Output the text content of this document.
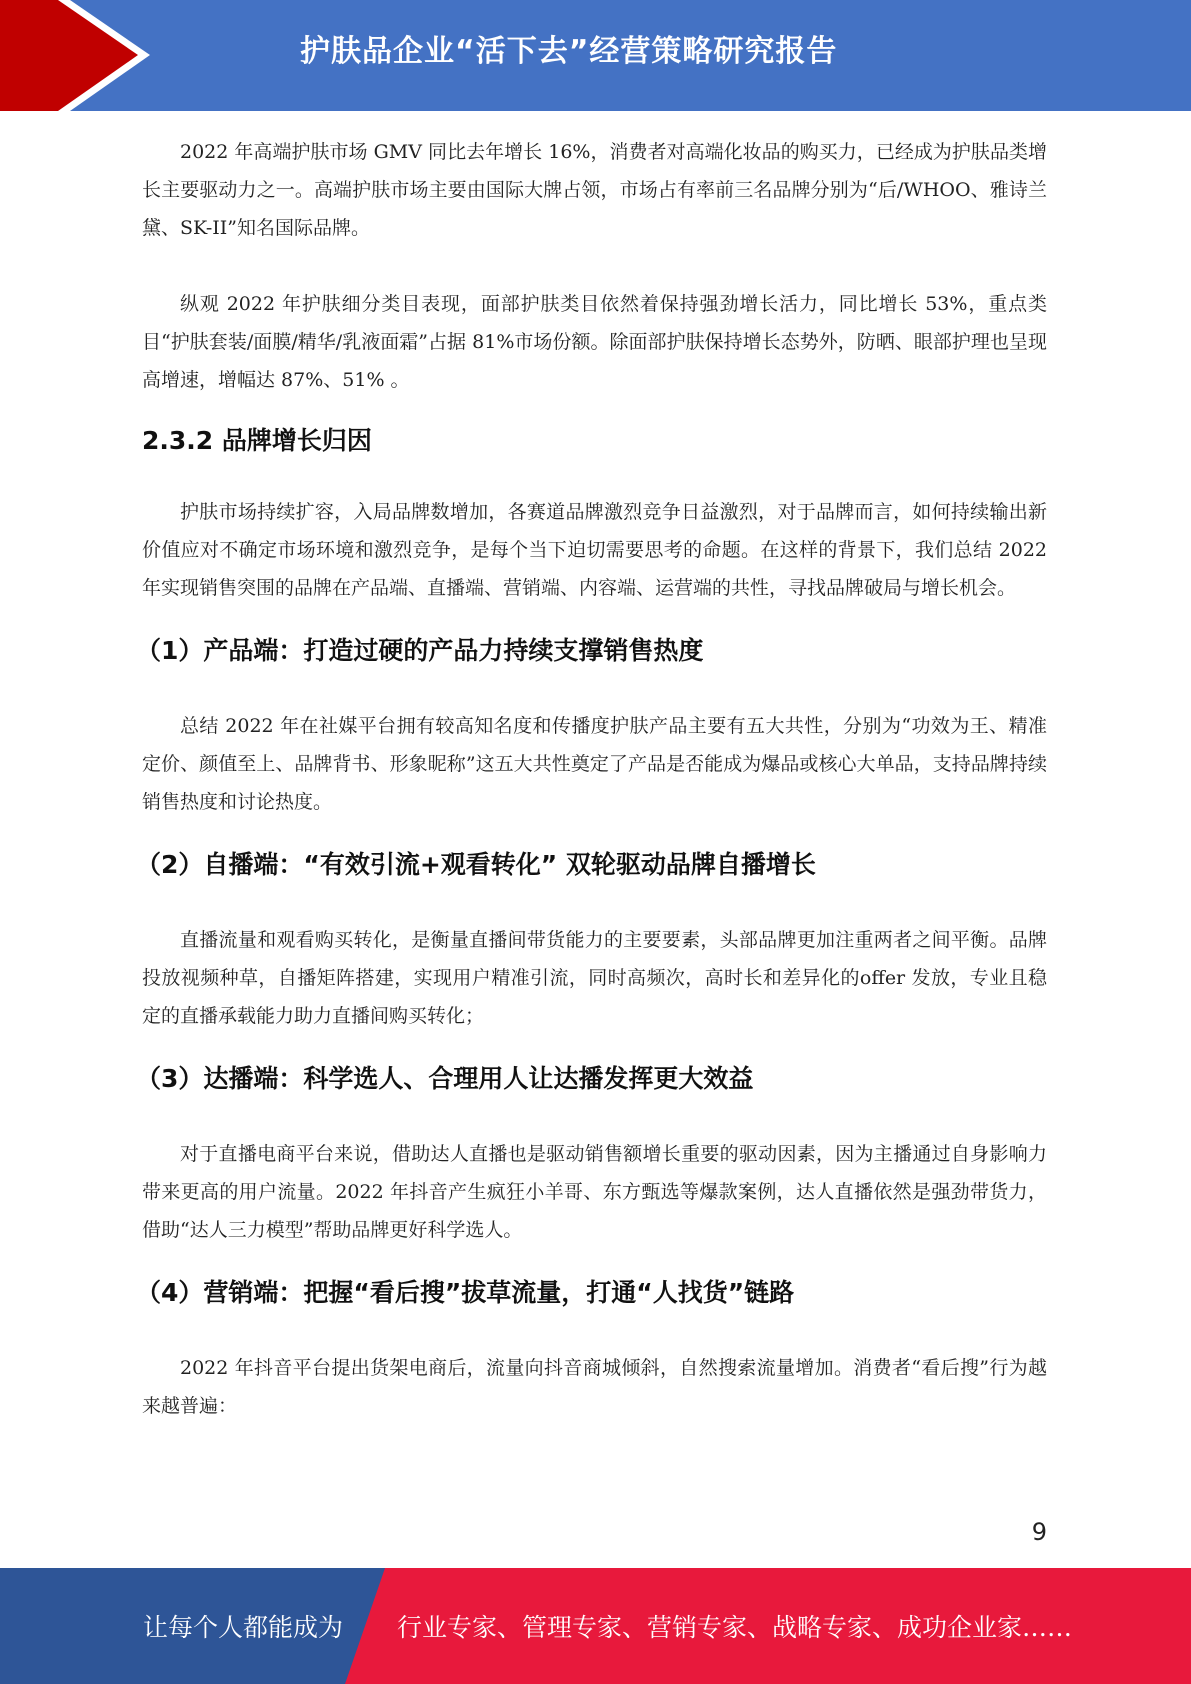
护肤品企业“活下去”经营策略研究报告

2022 年高端护肤市场 GMV 同比去年增长 16%，消费者对高端化妆品的购买力，已经成为护肤品类增长主要驱动力之一。高端护肤市场主要由国际大牌占领，市场占有率前三名品牌分别为“后/WHOO、雅诗兰黛、SK-II”知名国际品牌。

纵观 2022 年护肤细分类目表现，面部护肤类目依然着保持强劲增长活力，同比增长 53%，重点类目“护肤套装/面膜/精华/乳液面霜”占据 81%市场份额。除面部护肤保持增长态势外，防晒、眼部护理也呈现高增速，增幅达 87%、51% 。

2.3.2 品牌增长归因

护肤市场持续扩容，入局品牌数增加，各赛道品牌激烈竞争日益激烈，对于品牌而言，如何持续输出新价值应对不确定市场环境和激烈竞争，是每个当下迫切需要思考的命题。在这样的背景下，我们总结 2022 年实现销售突围的品牌在产品端、直播端、营销端、内容端、运营端的共性，寻找品牌破局与增长机会。

（1）产品端：打造过硬的产品力持续支撑销售热度

总结 2022 年在社媒平台拥有较高知名度和传播度护肤产品主要有五大共性，分别为“功效为王、精准定价、颜值至上、品牌背书、形象昵称”这五大共性奠定了产品是否能成为爆品或核心大单品，支持品牌持续销售热度和讨论热度。

（2）自播端：“有效引流+观看转化” 双轮驱动品牌自播增长

直播流量和观看购买转化，是衡量直播间带货能力的主要要素，头部品牌更加注重两者之间平衡。品牌投放视频种草，自播矩阵搭建，实现用户精准引流，同时高频次，高时长和差异化的offer 发放，专业且稳定的直播承载能力助力直播间购买转化；

（3）达播端：科学选人、合理用人让达播发挥更大效益

对于直播电商平台来说，借助达人直播也是驱动销售额增长重要的驱动因素，因为主播通过自身影响力带来更高的用户流量。2022 年抖音产生疯狂小羊哥、东方甄选等爆款案例，达人直播依然是强劲带货力，借助“达人三力模型”帮助品牌更好科学选人。

（4）营销端：把握“看后搜”拔草流量，打通“人找货”链路

2022 年抖音平台提出货架电商后，流量向抖音商城倾斜，自然搜索流量增加。消费者“看后搜”行为越来越普遍：

9
让每个人都能成为 行业专家、管理专家、营销专家、战略专家、成功企业家……
